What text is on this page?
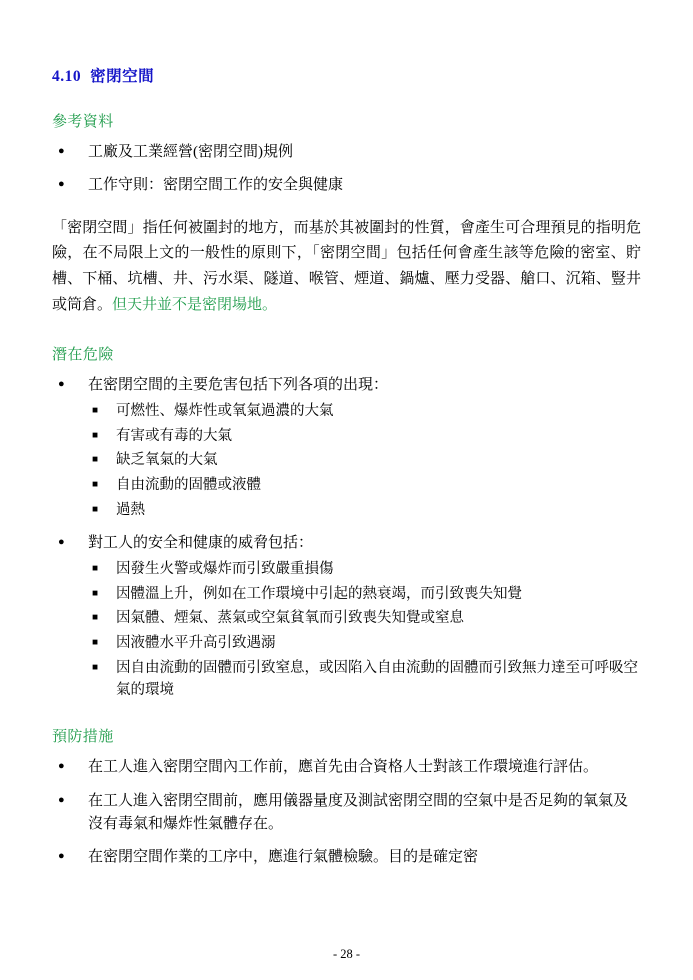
4.10 密閉空間
參考資料
● 工廠及工業經營(密閉空間)規例
● 工作守則：密閉空間工作的安全與健康

「密閉空間」指任何被圍封的地方，而基於其被圍封的性質，會產生可合理預見的指明危險，在不局限上文的一般性的原則下，「密閉空間」包括任何會產生該等危險的密室、貯槽、下桶、坑槽、井、污水渠、隧道、喉管、煙道、鍋爐、壓力受器、艙口、沉箱、豎井或筒倉。但天井並不是密閉場地。

潛在危險
● 在密閉空間的主要危害包括下列各項的出現：
■ 可燃性、爆炸性或氧氣過濃的大氣
■ 有害或有毒的大氣
■ 缺乏氧氣的大氣
■ 自由流動的固體或液體
■ 過熱
● 對工人的安全和健康的威脅包括：
■ 因發生火警或爆炸而引致嚴重損傷
■ 因體溫上升，例如在工作環境中引起的熱衰竭，而引致喪失知覺
■ 因氣體、煙氣、蒸氣或空氣貧氧而引致喪失知覺或窒息
■ 因液體水平升高引致遇溺
■ 因自由流動的固體而引致窒息，或因陷入自由流動的固體而引致無力達至可呼吸空氣的環境
預防措施
● 在工人進入密閉空間內工作前，應首先由合資格人士對該工作環境進行評估。
● 在工人進入密閉空間前，應用儀器量度及測試密閉空間的空氣中是否足夠的氧氣及沒有毒氣和爆炸性氣體存在。
● 在密閉空間作業的工序中，應進行氣體檢驗。目的是確定密
- 28 -
